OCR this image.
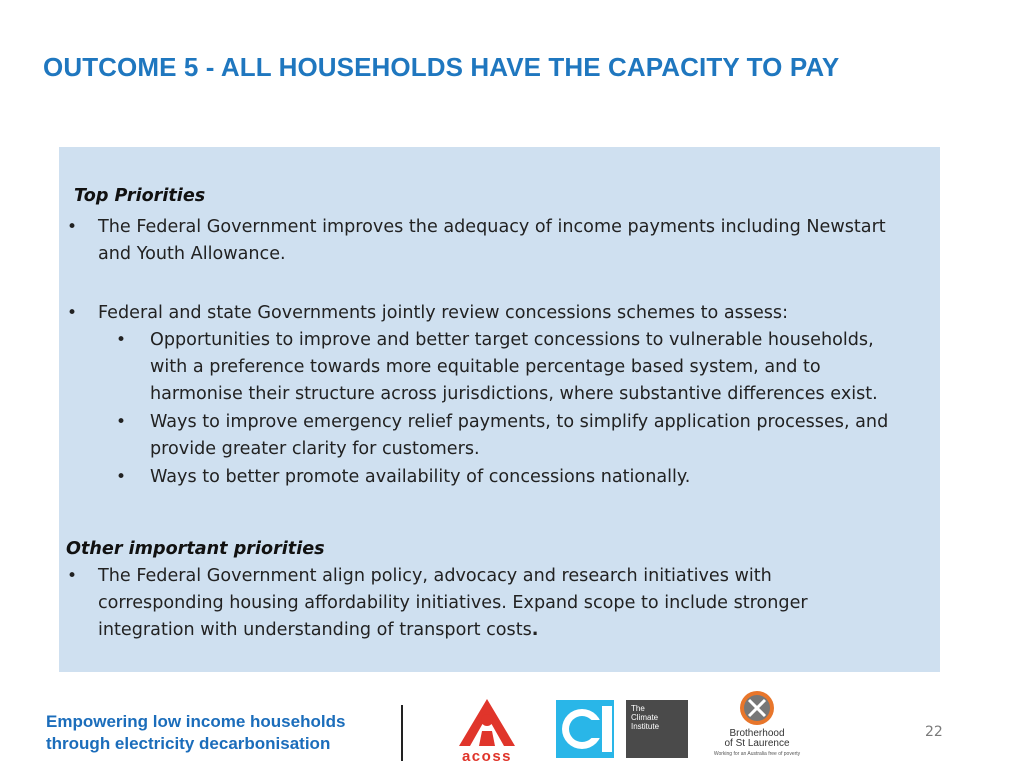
OUTCOME 5 - ALL HOUSEHOLDS HAVE THE CAPACITY TO PAY
Top Priorities
• The Federal Government improves the adequacy of income payments including Newstart
and Youth Allowance.
• Federal and state Governments jointly review concessions schemes to assess:
• Opportunities to improve and better target concessions to vulnerable households,
with a preference towards more equitable percentage based system, and to
harmonise their structure across jurisdictions, where substantive differences exist.
• Ways to improve emergency relief payments, to simplify application processes, and
provide greater clarity for customers.
• Ways to better promote availability of concessions nationally.
Other important priorities
• The Federal Government align policy, advocacy and research initiatives with
corresponding housing affordability initiatives. Expand scope to include stronger
integration with understanding of transport costs.
Empowering low income households
through electricity decarbonisation
acoss
The
Climate
Institute
Brotherhood
of St Laurence
Working for an Australia free of poverty
22
